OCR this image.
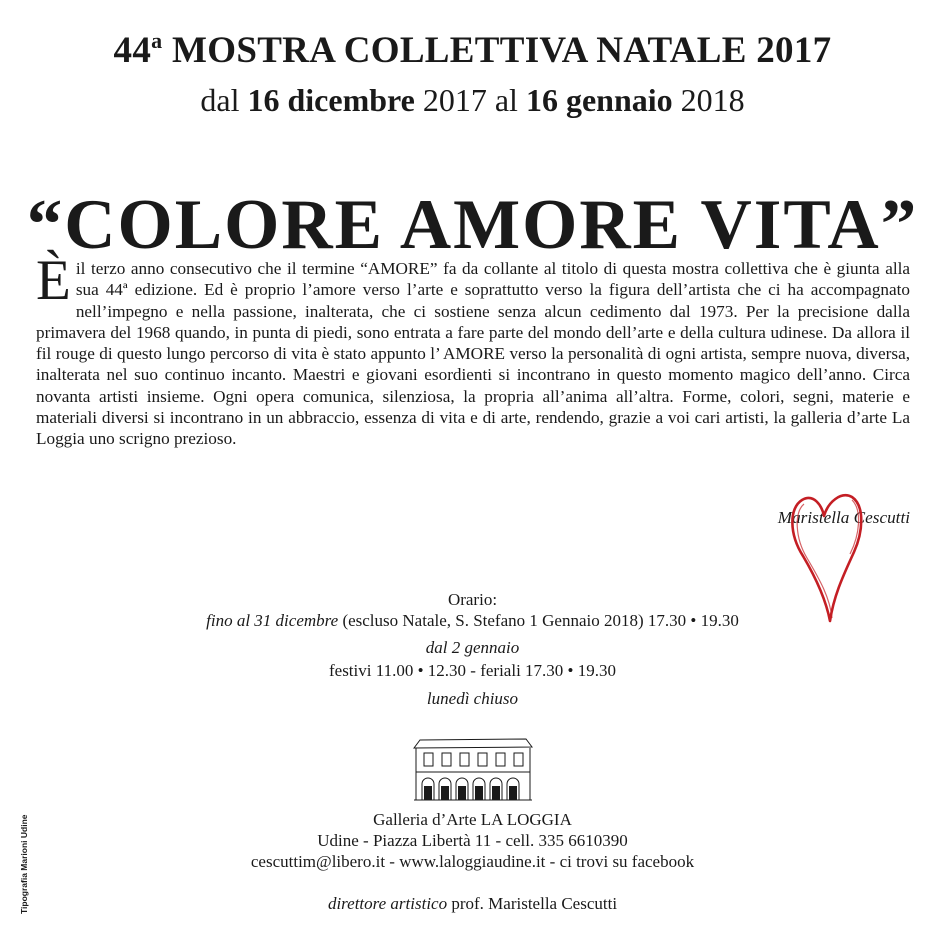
44$^a$ MOSTRA COLLETTIVA NATALE 2017
dal 16 dicembre 2017 al 16 gennaio 2018
“COLORE AMORE VITA”

Èil terzo anno consecutivo che il termine “AMORE” fa da collante al titolo di questa mostra collettiva che è giunta alla sua 44ª edizione. Ed è proprio l’amore verso l’arte e soprattutto verso la figura dell’artista che ci ha accompagnato nell’impegno e nella passione, inalterata, che ci sostiene senza alcun cedimento dal 1973. Per la precisione dalla primavera del 1968 quando, in punta di piedi, sono entrata a fare parte del mondo dell’arte e della cultura udinese. Da allora il fil rouge di questo lungo percorso di vita è stato appunto l’ AMORE verso la personalità di ogni artista, sempre nuova, diversa, inalterata nel suo continuo incanto. Maestri e giovani esordienti si incontrano in questo momento magico dell’anno. Circa novanta artisti insieme. Ogni opera comunica, silenziosa, la propria all’anima all’altra. Forme, colori, segni, materie e materiali diversi si incontrano in un abbraccio, essenza di vita e di arte, rendendo, grazie a voi cari artisti, la galleria d’arte La Loggia uno scrigno prezioso.

Maristella Cescutti
Orario:
fino al 31 dicembre (escluso Natale, S. Stefano 1 Gennaio 2018) 17.30 • 19.30
dal 2 gennaio
festivi 11.00 • 12.30 - feriali 17.30 • 19.30
lunedì chiuso
Galleria d’Arte LA LOGGIA
Udine - Piazza Libertà 11 - cell. 335 6610390
cescuttim@libero.it - www.laloggiaudine.it - ci trovi su facebook
direttore artistico prof. Maristella Cescutti
Tipografia Marioni Udine
